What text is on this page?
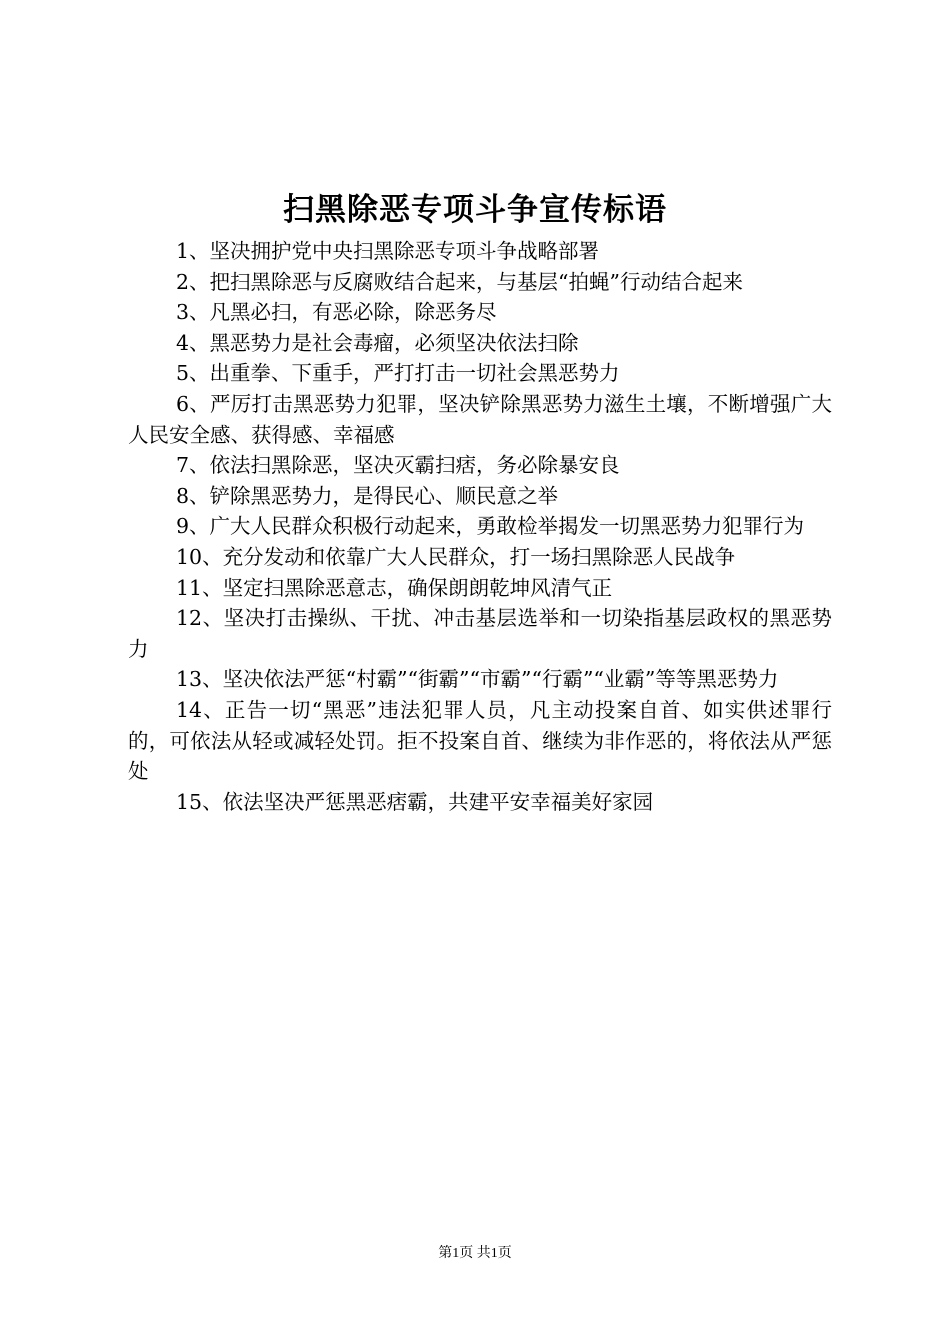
扫黑除恶专项斗争宣传标语

1、坚决拥护党中央扫黑除恶专项斗争战略部署

2、把扫黑除恶与反腐败结合起来，与基层“拍蝇”行动结合起来

3、凡黑必扫，有恶必除，除恶务尽

4、黑恶势力是社会毒瘤，必须坚决依法扫除

5、出重拳、下重手，严打打击一切社会黑恶势力

6、严厉打击黑恶势力犯罪，坚决铲除黑恶势力滋生土壤，不断增强广大人民安全感、获得感、幸福感

7、依法扫黑除恶，坚决灭霸扫痞，务必除暴安良

8、铲除黑恶势力，是得民心、顺民意之举

9、广大人民群众积极行动起来，勇敢检举揭发一切黑恶势力犯罪行为

10、充分发动和依靠广大人民群众，打一场扫黑除恶人民战争

11、坚定扫黑除恶意志，确保朗朗乾坤风清气正

12、坚决打击操纵、干扰、冲击基层选举和一切染指基层政权的黑恶势力

13、坚决依法严惩“村霸”“街霸”“市霸”“行霸”“业霸”等等黑恶势力

14、正告一切“黑恶”违法犯罪人员，凡主动投案自首、如实供述罪行的，可依法从轻或减轻处罚。拒不投案自首、继续为非作恶的，将依法从严惩处

15、依法坚决严惩黑恶痞霸，共建平安幸福美好家园

第1页 共1页
